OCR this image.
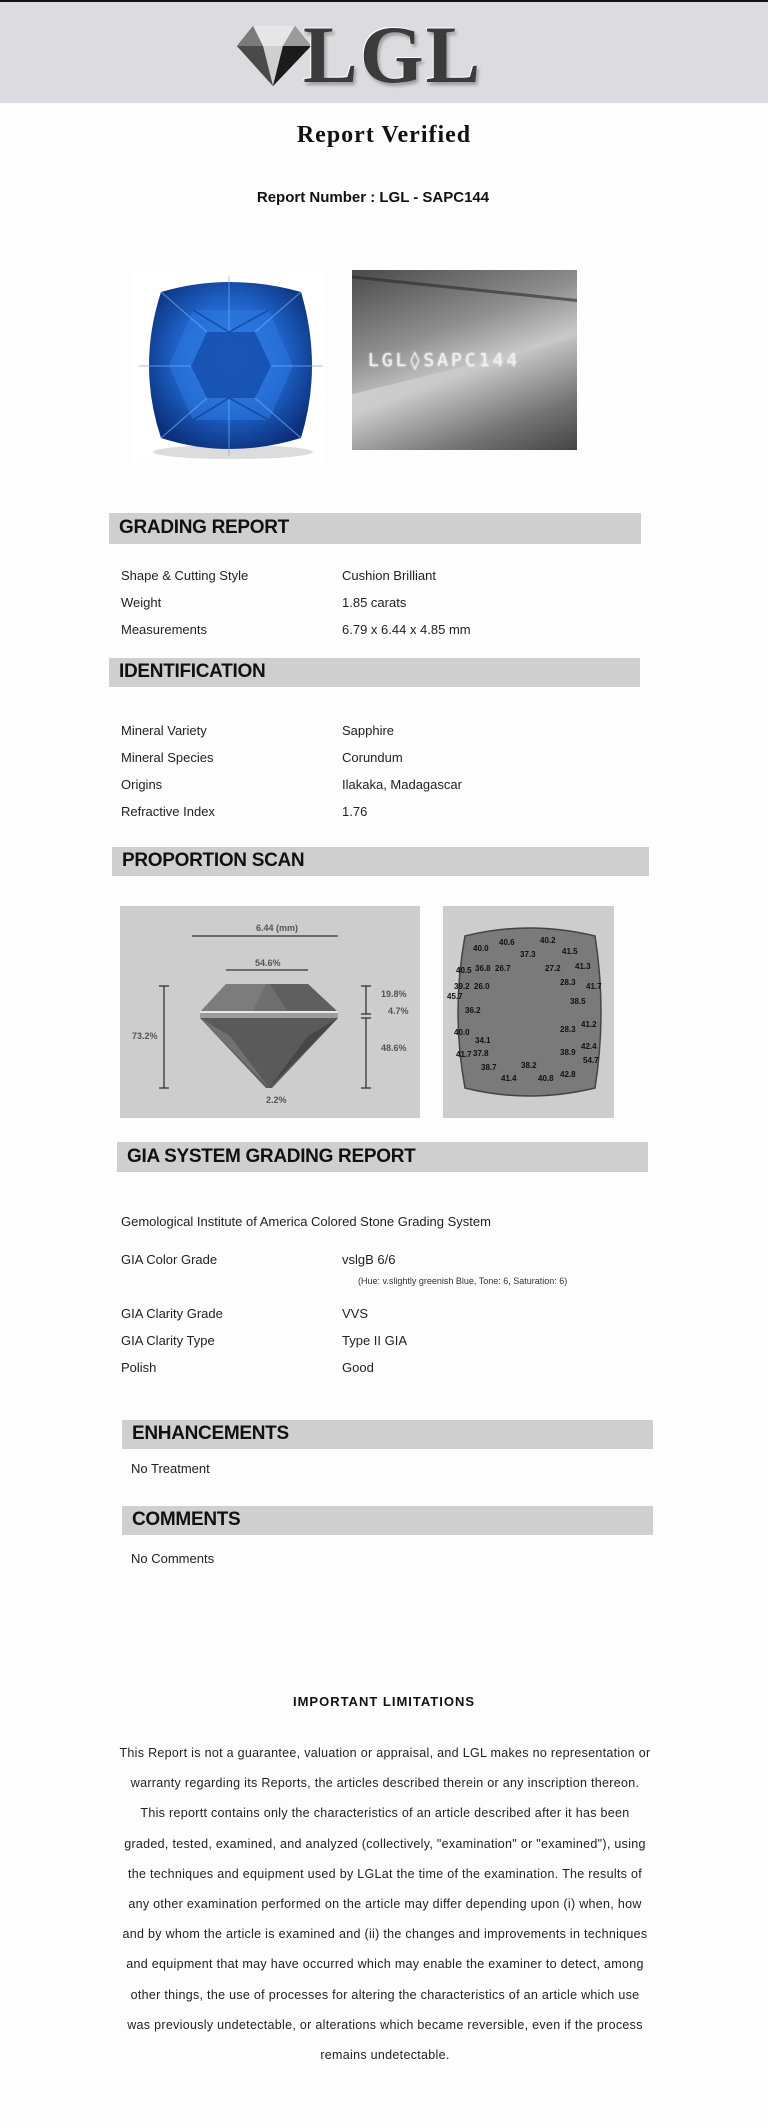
LGL
Report Verified
Report Number : LGL - SAPC144
LGL◊SAPC144
GRADING REPORT
Shape & Cutting Style	Cushion Brilliant
Weight	1.85 carats
Measurements	6.79 x 6.44 x 4.85 mm
IDENTIFICATION
Mineral Variety	Sapphire
Mineral Species	Corundum
Origins	Ilakaka, Madagascar
Refractive Index	1.76
PROPORTION SCAN
6.44 (mm)
54.6%
73.2%
19.8%
4.7%
48.6%
2.2%
40.0
40.6	40.2
37.3	41.5
40.5 36.8 26.7	27.2 41.3
39.2 26.0	28.3 41.7
45.7
38.5
36.2
40.0	28.3
41.2
34.1
42.4
41.7 37.8
38.2
38.9
54.7
38.7
41.4	40.8 42.8
GIA SYSTEM GRADING REPORT
Gemological Institute of America Colored Stone Grading System
GIA Color Grade	vslgB 6/6
(Hue: v.slightly greenish Blue, Tone: 6, Saturation: 6)
GIA Clarity Grade	VVS
GIA Clarity Type	Type II GIA
Polish	Good
ENHANCEMENTS
No Treatment
COMMENTS
No Comments
IMPORTANT LIMITATIONS
This Report is not a guarantee, valuation or appraisal, and LGL makes no representation or warranty regarding its Reports, the articles described therein or any inscription thereon. This reportt contains only the characteristics of an article described after it has been graded, tested, examined, and analyzed (collectively, "examination" or "examined"), using the techniques and equipment used by LGLat the time of the examination. The results of any other examination performed on the article may differ depending upon (i) when, how and by whom the article is examined and (ii) the changes and improvements in techniques and equipment that may have occurred which may enable the examiner to detect, among other things, the use of processes for altering the characteristics of an article which use was previously undetectable, or alterations which became reversible, even if the process remains undetectable.
